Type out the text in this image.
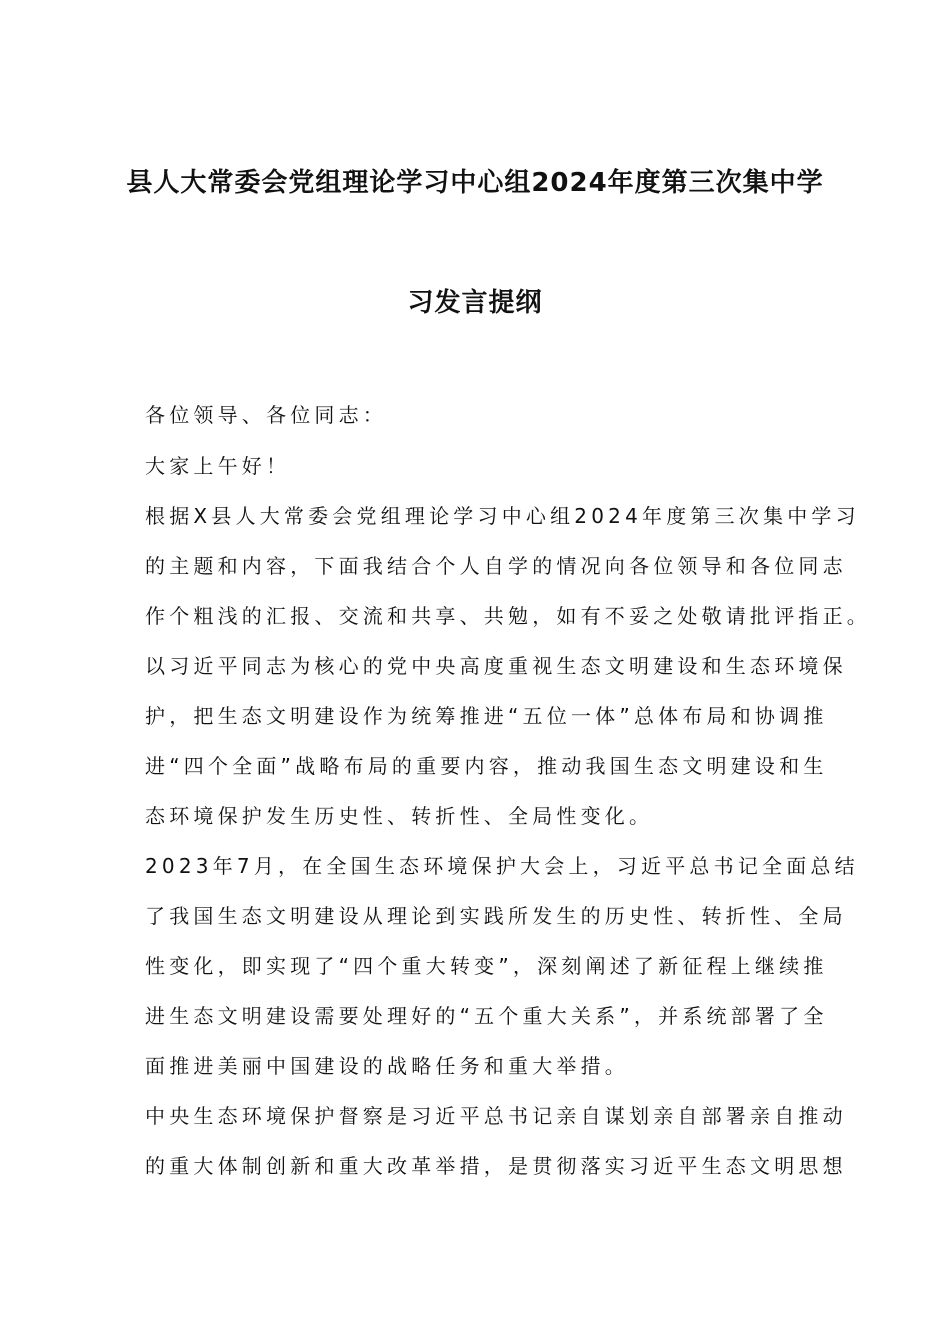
县人大常委会党组理论学习中心组2024年度第三次集中学
习发言提纲

各位领导、各位同志：

大家上午好！

根据X县人大常委会党组理论学习中心组2024年度第三次集中学习

的主题和内容，下面我结合个人自学的情况向各位领导和各位同志

作个粗浅的汇报、交流和共享、共勉，如有不妥之处敬请批评指正。

以习近平同志为核心的党中央高度重视生态文明建设和生态环境保

护，把生态文明建设作为统筹推进“五位一体”总体布局和协调推

进“四个全面”战略布局的重要内容，推动我国生态文明建设和生

态环境保护发生历史性、转折性、全局性变化。

2023年7月，在全国生态环境保护大会上，习近平总书记全面总结

了我国生态文明建设从理论到实践所发生的历史性、转折性、全局

性变化，即实现了“四个重大转变”，深刻阐述了新征程上继续推

进生态文明建设需要处理好的“五个重大关系”，并系统部署了全

面推进美丽中国建设的战略任务和重大举措。

中央生态环境保护督察是习近平总书记亲自谋划亲自部署亲自推动

的重大体制创新和重大改革举措，是贯彻落实习近平生态文明思想
